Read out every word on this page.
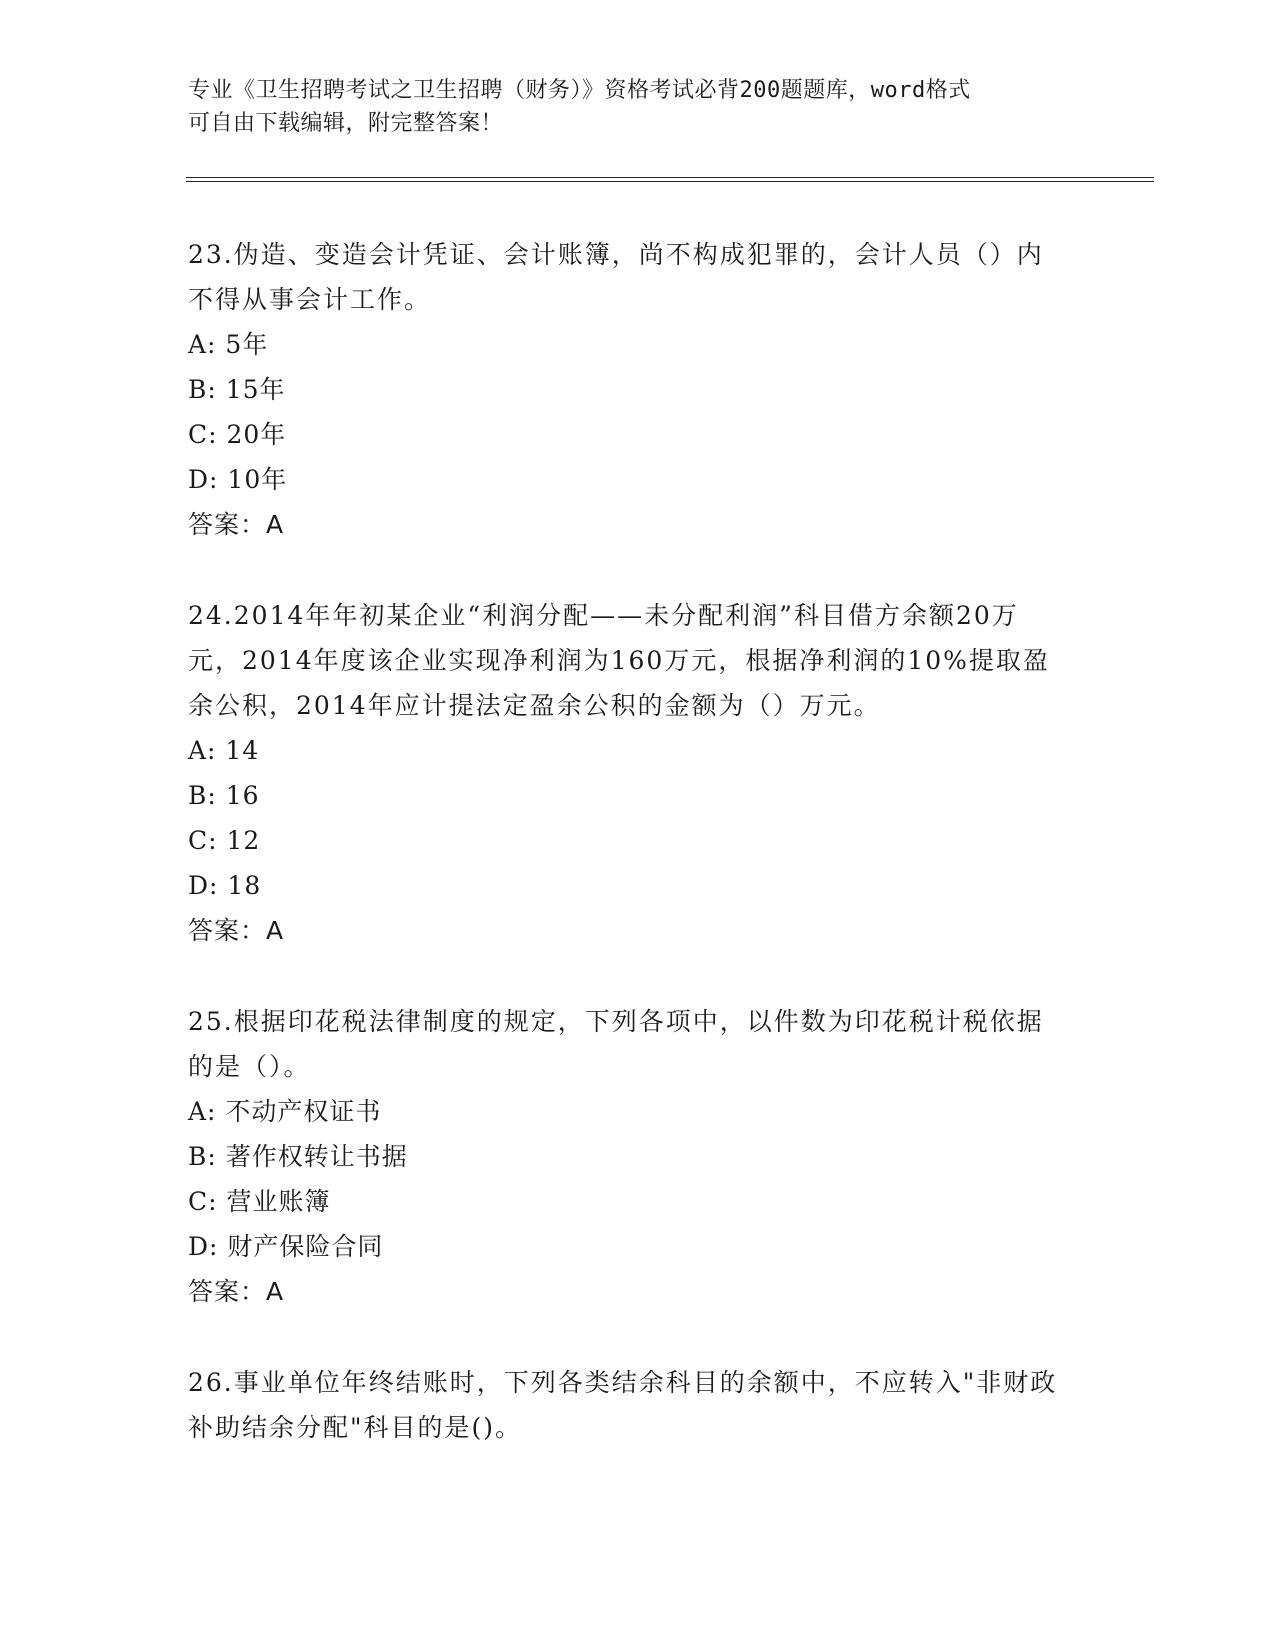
专业《卫生招聘考试之卫生招聘（财务）》资格考试必背200题题库，word格式
可自由下载编辑，附完整答案！

23.伪造、变造会计凭证、会计账簿，尚不构成犯罪的，会计人员（）内不得从事会计工作。

A: 5年

B: 15年

C: 20年

D: 10年

答案：A

24.2014年年初某企业“利润分配——未分配利润”科目借方余额20万元，2014年度该企业实现净利润为160万元，根据净利润的10%提取盈余公积，2014年应计提法定盈余公积的金额为（）万元。

A: 14

B: 16

C: 12

D: 18

答案：A

25.根据印花税法律制度的规定，下列各项中，以件数为印花税计税依据的是（）。

A: 不动产权证书

B: 著作权转让书据

C: 营业账簿

D: 财产保险合同

答案：A

26.事业单位年终结账时，下列各类结余科目的余额中，不应转入"非财政补助结余分配"科目的是()。
